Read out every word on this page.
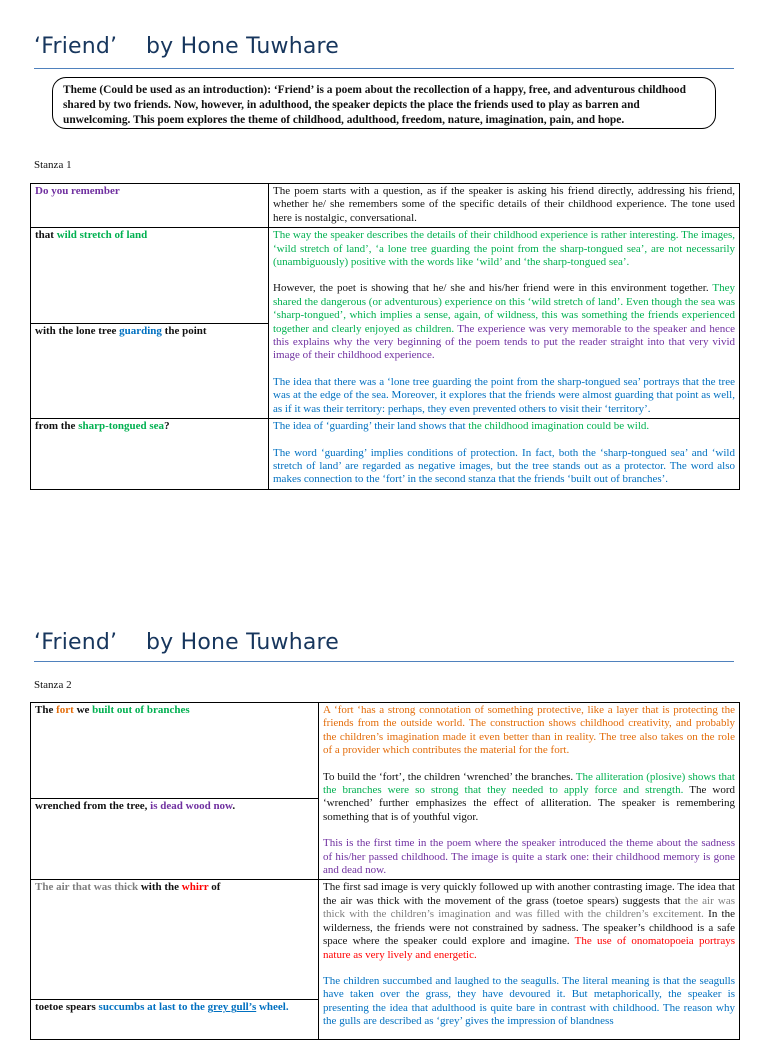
‘Friend’    by Hone Tuwhare
Theme (Could be used as an introduction): ‘Friend’ is a poem about the recollection of a happy, free, and adventurous childhood shared by two friends. Now, however, in adulthood, the speaker depicts the place the friends used to play as barren and unwelcoming. This poem explores the theme of childhood, adulthood, freedom, nature, imagination, pain, and hope.
Stanza 1
Do you remember	The poem starts with a question, as if the speaker is asking his friend directly, addressing his friend, whether he/ she remembers some of the specific details of their childhood experience. The tone used here is nostalgic, conversational.
that wild stretch of land	The way the speaker describes the details of their childhood experience is rather interesting. The images, ‘wild stretch of land’, ‘a lone tree guarding the point from the sharp-tongued sea’, are not necessarily (unambiguously) positive with the words like ‘wild’ and ‘the sharp-tongued sea’.

However, the poet is showing that he/ she and his/her friend were in this environment together. They shared the dangerous (or adventurous) experience on this ‘wild stretch of land’. Even though the sea was ‘sharp-tongued’, which implies a sense, again, of wildness, this was something the friends experienced together and clearly enjoyed as children. The experience was very memorable to the speaker and hence this explains why the very beginning of the poem tends to put the reader straight into that very vivid image of their childhood experience.

The idea that there was a ‘lone tree guarding the point from the sharp-tongued sea’ portrays that the tree was at the edge of the sea. Moreover, it explores that the friends were almost guarding that point as well, as if it was their territory: perhaps, they even prevented others to visit their ‘territory’.

with the lone tree guarding the point	
from the sharp-tongued sea?	The idea of ‘guarding’ their land shows that the childhood imagination could be wild.

The word ‘guarding’ implies conditions of protection. In fact, both the ‘sharp-tongued sea’ and ‘wild stretch of land’ are regarded as negative images, but the tree stands out as a protector. The word also makes connection to the ‘fort’ in the second stanza that the friends ‘built out of branches’.

‘Friend’    by Hone Tuwhare
Stanza 2
The fort we built out of branches	A ‘fort ‘has a strong connotation of something protective, like a layer that is protecting the friends from the outside world. The construction shows childhood creativity, and probably the children’s imagination made it even better than in reality. The tree also takes on the role of a provider which contributes the material for the fort.

To build the ‘fort’, the children ‘wrenched’ the branches. The alliteration (plosive) shows that the branches were so strong that they needed to apply force and strength. The word ‘wrenched’ further emphasizes the effect of alliteration. The speaker is remembering something that is of youthful vigor.

This is the first time in the poem where the speaker introduced the theme about the sadness of his/her passed childhood. The image is quite a stark one: their childhood memory is gone and dead now.

wrenched from the tree, is dead wood now.	
The air that was thick with the whirr of	The first sad image is very quickly followed up with another contrasting image. The idea that the air was thick with the movement of the grass (toetoe spears) suggests that the air was thick with the children’s imagination and was filled with the children’s excitement. In the wilderness, the friends were not constrained by sadness. The speaker’s childhood is a safe space where the speaker could explore and imagine. The use of onomatopoeia portrays nature as very lively and energetic.

The children succumbed and laughed to the seagulls. The literal meaning is that the seagulls have taken over the grass, they have devoured it. But metaphorically, the speaker is presenting the idea that adulthood is quite bare in contrast with childhood. The reason why the gulls are described as ‘grey’ gives the impression of blandness

toetoe spears succumbs at last to the grey gull’s wheel.	
